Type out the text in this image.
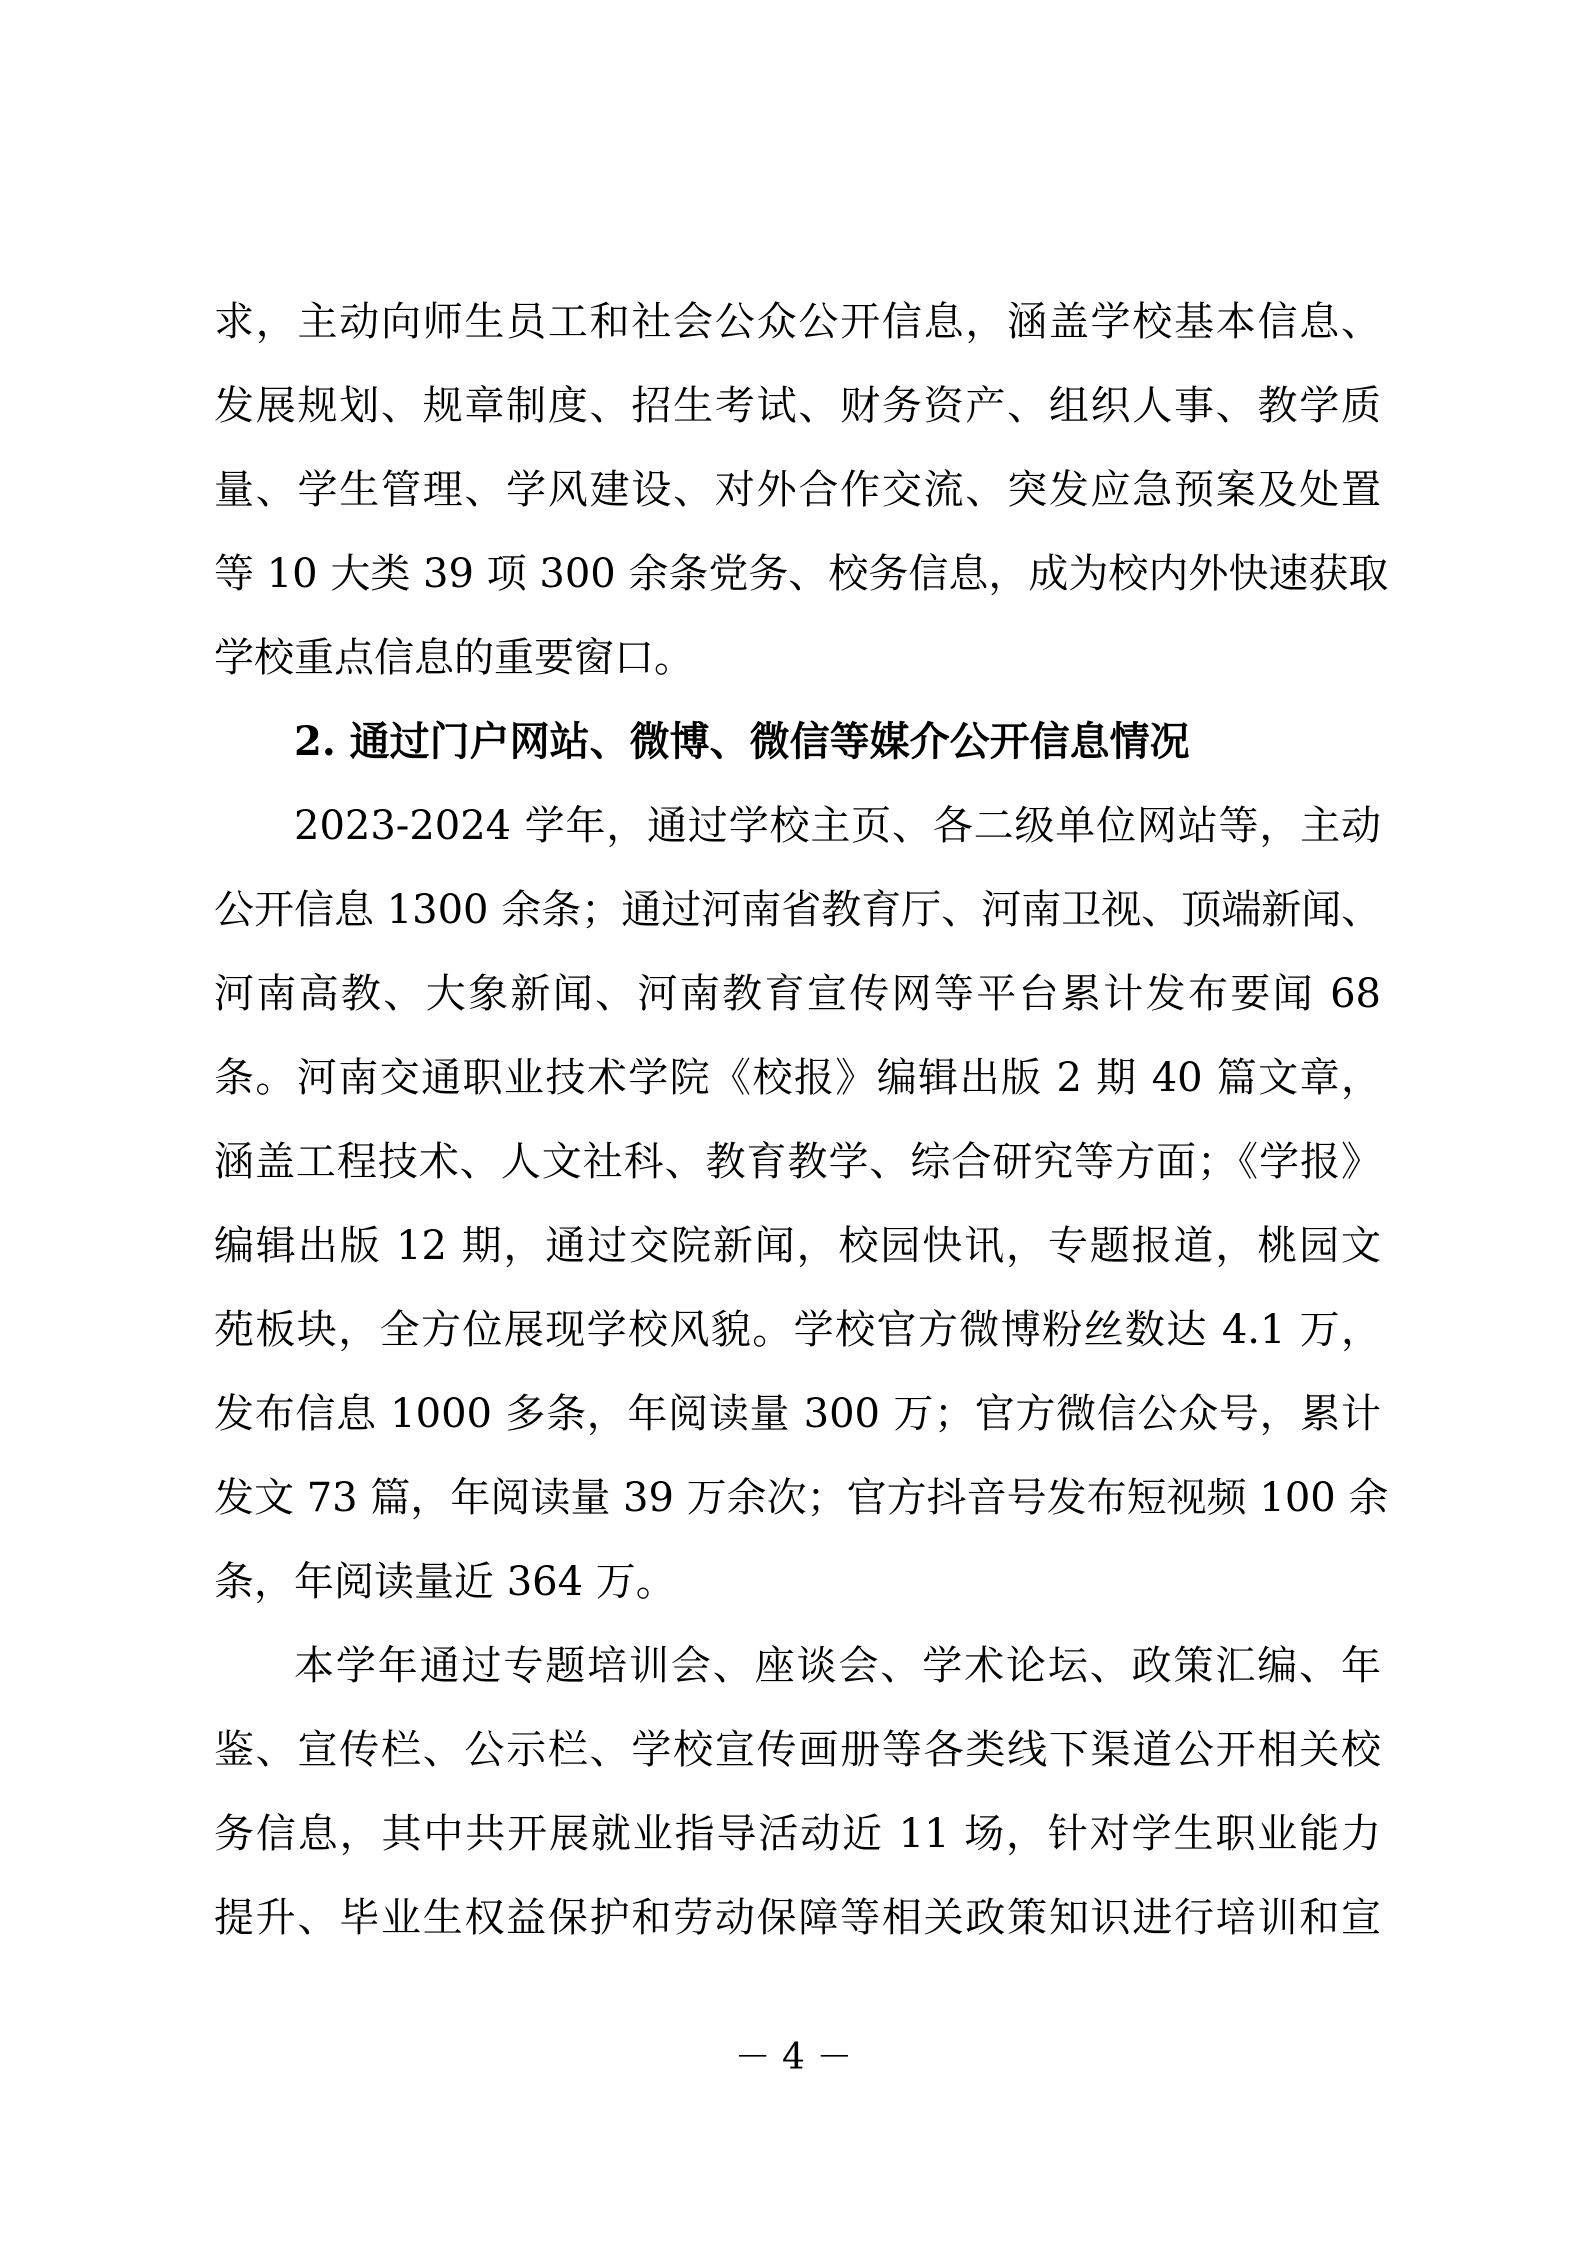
求，主动向师生员工和社会公众公开信息，涵盖学校基本信息、
发展规划、规章制度、招生考试、财务资产、组织人事、教学质
量、学生管理、学风建设、对外合作交流、突发应急预案及处置
等 10 大类 39 项 300 余条党务、校务信息，成为校内外快速获取
学校重点信息的重要窗口。
2. 通过门户网站、微博、微信等媒介公开信息情况
2023-2024 学年，通过学校主页、各二级单位网站等，主动
公开信息 1300 余条；通过河南省教育厅、河南卫视、顶端新闻、
河南高教、大象新闻、河南教育宣传网等平台累计发布要闻 68
条。河南交通职业技术学院《校报》编辑出版 2 期 40 篇文章，
涵盖工程技术、人文社科、教育教学、综合研究等方面；《学报》
编辑出版 12 期，通过交院新闻，校园快讯，专题报道，桃园文
苑板块，全方位展现学校风貌。学校官方微博粉丝数达 4.1 万，
发布信息 1000 多条，年阅读量 300 万；官方微信公众号，累计
发文 73 篇，年阅读量 39 万余次；官方抖音号发布短视频 100 余
条，年阅读量近 364 万。
本学年通过专题培训会、座谈会、学术论坛、政策汇编、年
鉴、宣传栏、公示栏、学校宣传画册等各类线下渠道公开相关校
务信息，其中共开展就业指导活动近 11 场，针对学生职业能力
提升、毕业生权益保护和劳动保障等相关政策知识进行培训和宣
－ 4 －
